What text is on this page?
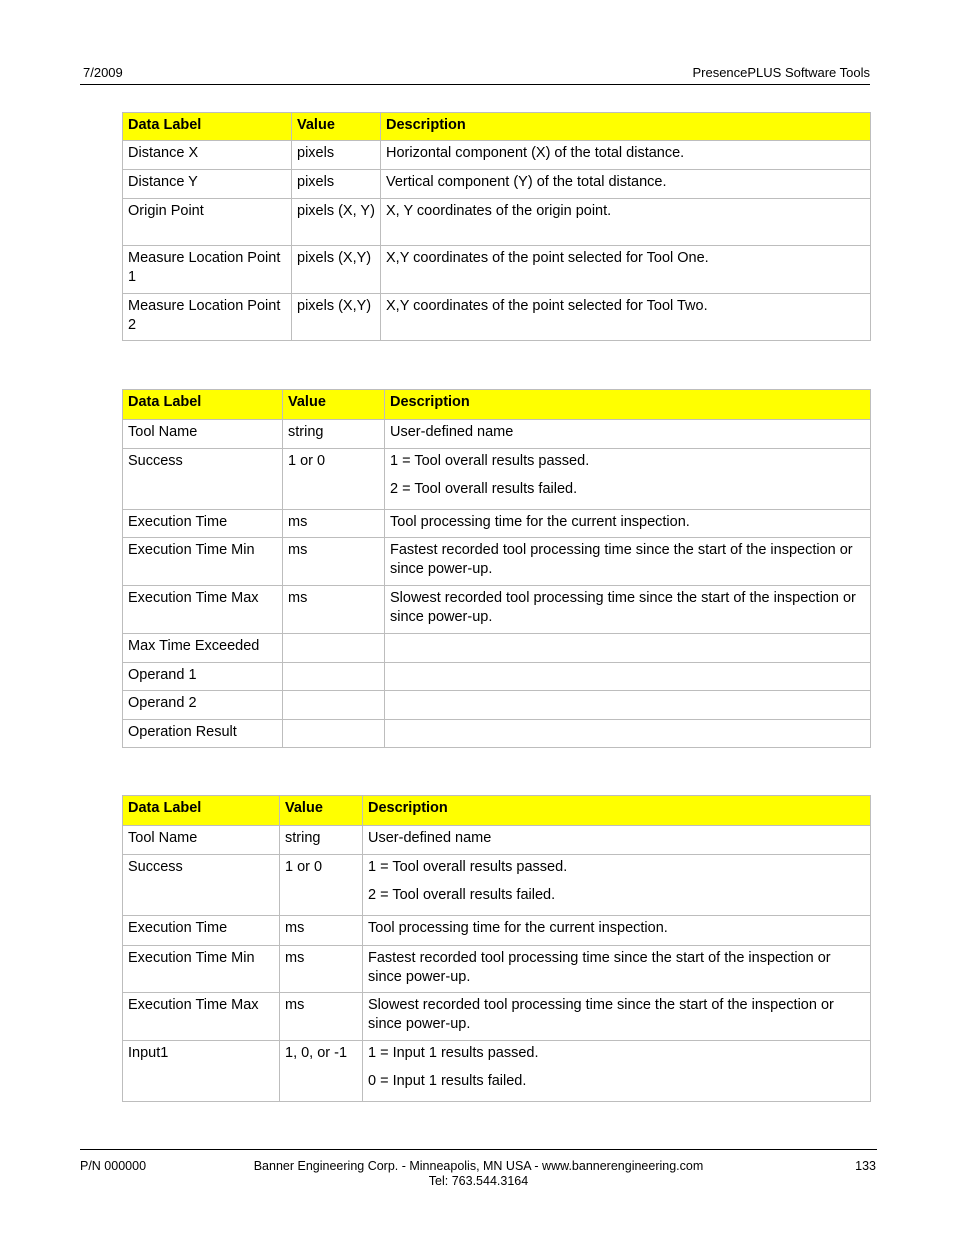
7/2009	PresencePLUS Software Tools
Data Label	Value	Description
Distance X	pixels	Horizontal component (X) of the total distance.

Distance Y	pixels	Vertical component (Y) of the total distance.

Origin Point	pixels (X, Y)	X, Y coordinates of the origin point.

Measure Location Point 1	pixels (X,Y)	X,Y coordinates of the point selected for Tool One.

Measure Location Point 2	pixels (X,Y)	X,Y coordinates of the point selected for Tool Two.

Data Label	Value	Description
Tool Name	string	User-defined name

Success	1 or 0	1 = Tool overall results passed.

2 = Tool overall results failed.

Execution Time	ms	Tool processing time for the current inspection.

Execution Time Min	ms	Fastest recorded tool processing time since the start of the inspection or since power-up.

Execution Time Max	ms	Slowest recorded tool processing time since the start of the inspection or since power-up.

Max Time Exceeded		
Operand 1		
Operand 2		
Operation Result		
Data Label	Value	Description
Tool Name	string	User-defined name

Success	1 or 0	1 = Tool overall results passed.

2 = Tool overall results failed.

Execution Time	ms	Tool processing time for the current inspection.

Execution Time Min	ms	Fastest recorded tool processing time since the start of the inspection or since power-up.

Execution Time Max	ms	Slowest recorded tool processing time since the start of the inspection or since power-up.

Input1	1, 0, or -1	1 = Input 1 results passed.

0 = Input 1 results failed.

P/N 000000	Banner Engineering Corp. - Minneapolis, MN USA - www.bannerengineering.com
Tel: 763.544.3164
133
